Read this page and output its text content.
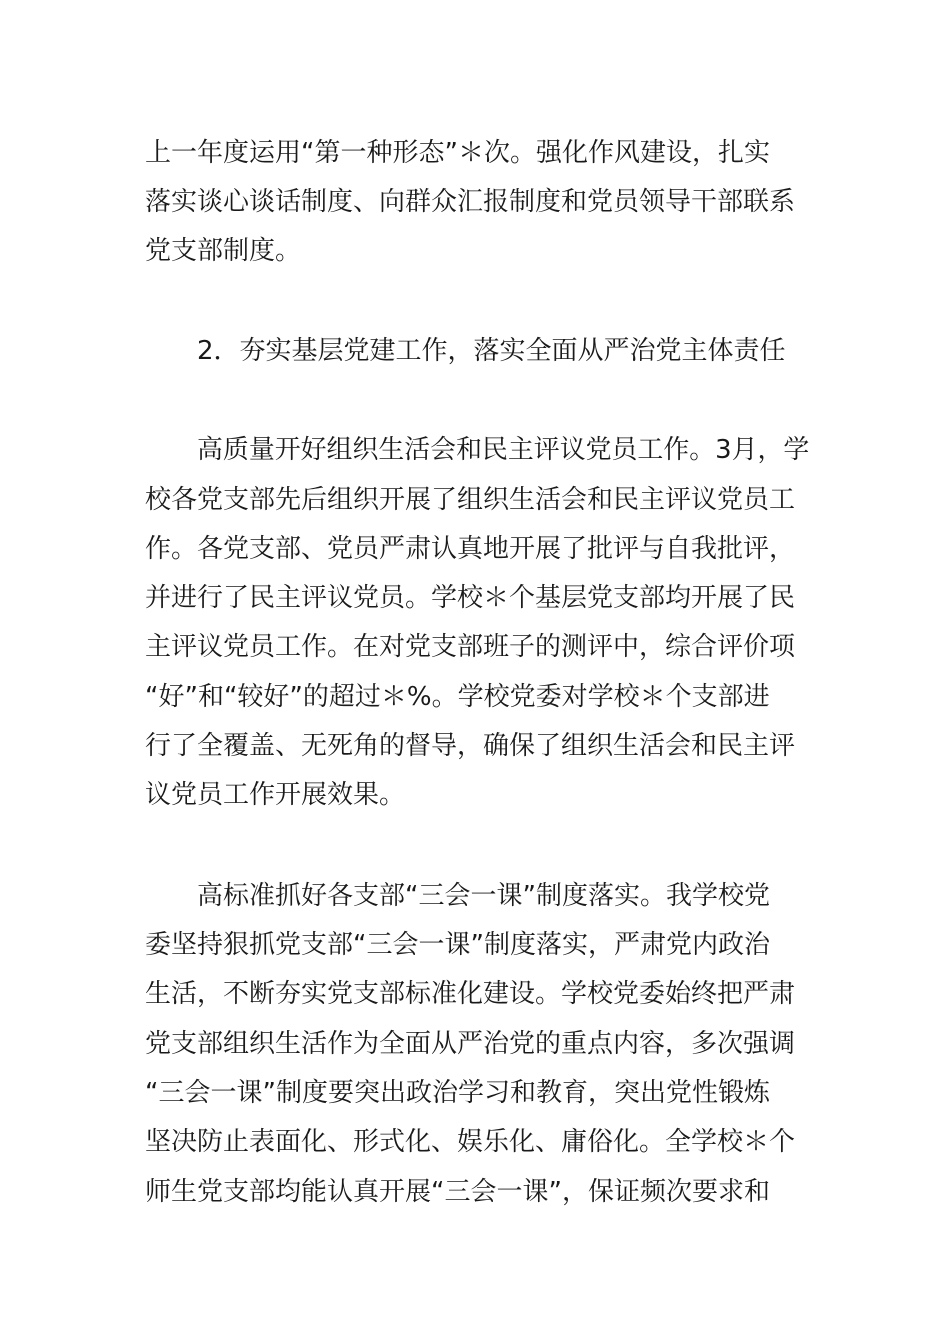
上一年度运用“第一种形态”＊次。强化作风建设，扎实
落实谈心谈话制度、向群众汇报制度和党员领导干部联系
党支部制度。
2．夯实基层党建工作，落实全面从严治党主体责任
高质量开好组织生活会和民主评议党员工作。3月，学
校各党支部先后组织开展了组织生活会和民主评议党员工
作。各党支部、党员严肃认真地开展了批评与自我批评，
并进行了民主评议党员。学校＊个基层党支部均开展了民
主评议党员工作。在对党支部班子的测评中，综合评价项
“好”和“较好”的超过＊%。学校党委对学校＊个支部进
行了全覆盖、无死角的督导，确保了组织生活会和民主评
议党员工作开展效果。
高标准抓好各支部“三会一课”制度落实。我学校党
委坚持狠抓党支部“三会一课”制度落实，严肃党内政治
生活，不断夯实党支部标准化建设。学校党委始终把严肃
党支部组织生活作为全面从严治党的重点内容，多次强调
“三会一课”制度要突出政治学习和教育，突出党性锻炼
坚决防止表面化、形式化、娱乐化、庸俗化。全学校＊个
师生党支部均能认真开展“三会一课”，保证频次要求和
